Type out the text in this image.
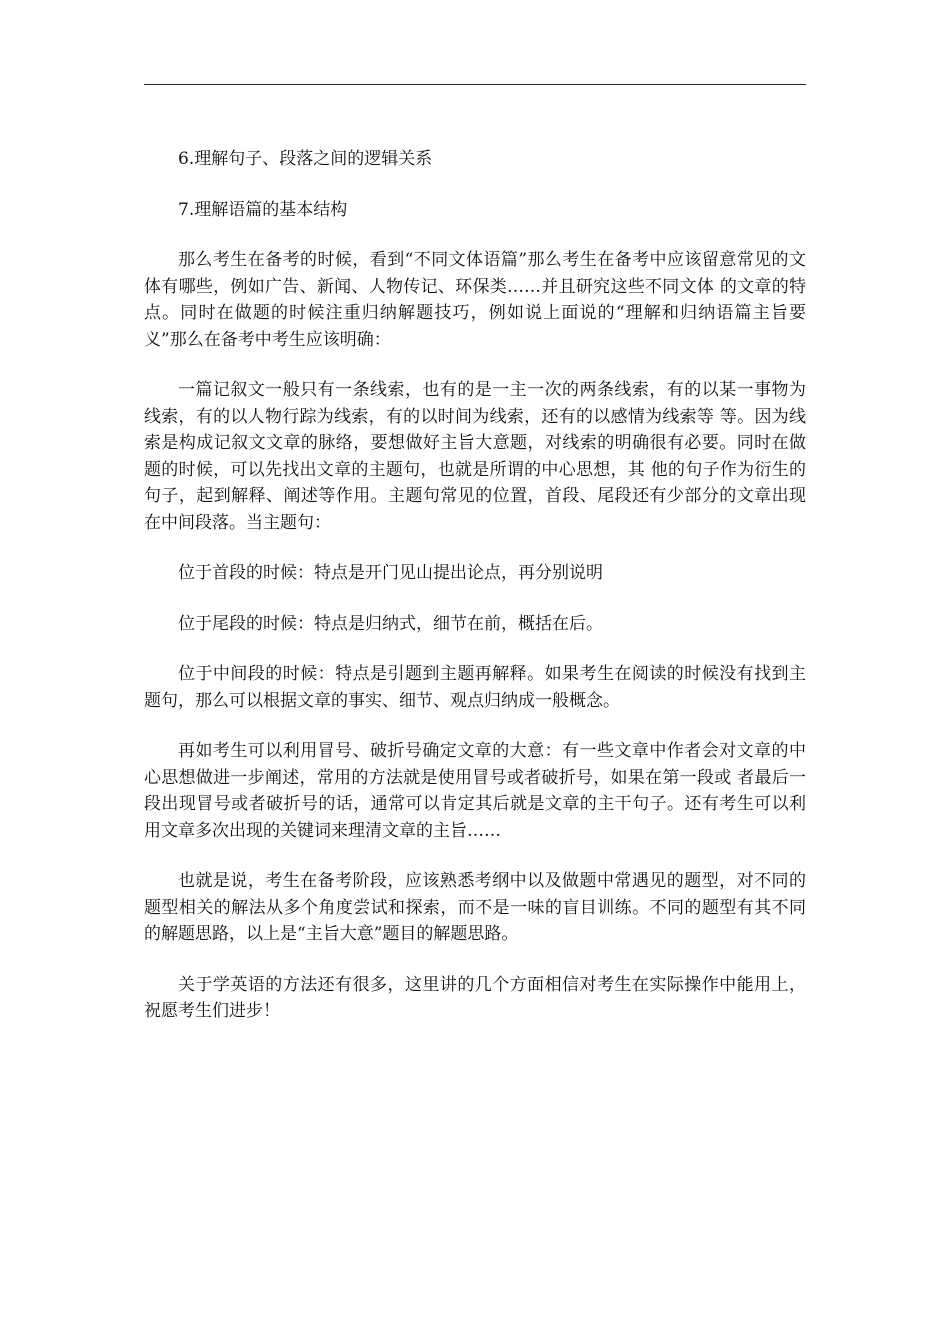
6.理解句子、段落之间的逻辑关系

7.理解语篇的基本结构

那么考生在备考的时候，看到“不同文体语篇”那么考生在备考中应该留意常见的文体有哪些，例如广告、新闻、人物传记、环保类……并且研究这些不同文体 的文章的特点。同时在做题的时候注重归纳解题技巧，例如说上面说的“理解和归纳语篇主旨要义”那么在备考中考生应该明确：

一篇记叙文一般只有一条线索，也有的是一主一次的两条线索，有的以某一事物为线索，有的以人物行踪为线索，有的以时间为线索，还有的以感情为线索等 等。因为线索是构成记叙文文章的脉络，要想做好主旨大意题，对线索的明确很有必要。同时在做题的时候，可以先找出文章的主题句，也就是所谓的中心思想，其 他的句子作为衍生的句子，起到解释、阐述等作用。主题句常见的位置，首段、尾段还有少部分的文章出现在中间段落。当主题句：

位于首段的时候：特点是开门见山提出论点，再分别说明

位于尾段的时候：特点是归纳式，细节在前，概括在后。

位于中间段的时候：特点是引题到主题再解释。如果考生在阅读的时候没有找到主题句，那么可以根据文章的事实、细节、观点归纳成一般概念。

再如考生可以利用冒号、破折号确定文章的大意：有一些文章中作者会对文章的中心思想做进一步阐述，常用的方法就是使用冒号或者破折号，如果在第一段或 者最后一段出现冒号或者破折号的话，通常可以肯定其后就是文章的主干句子。还有考生可以利用文章多次出现的关键词来理清文章的主旨……

也就是说，考生在备考阶段，应该熟悉考纲中以及做题中常遇见的题型，对不同的题型相关的解法从多个角度尝试和探索，而不是一味的盲目训练。不同的题型有其不同的解题思路，以上是“主旨大意”题目的解题思路。

关于学英语的方法还有很多，这里讲的几个方面相信对考生在实际操作中能用上，祝愿考生们进步！
